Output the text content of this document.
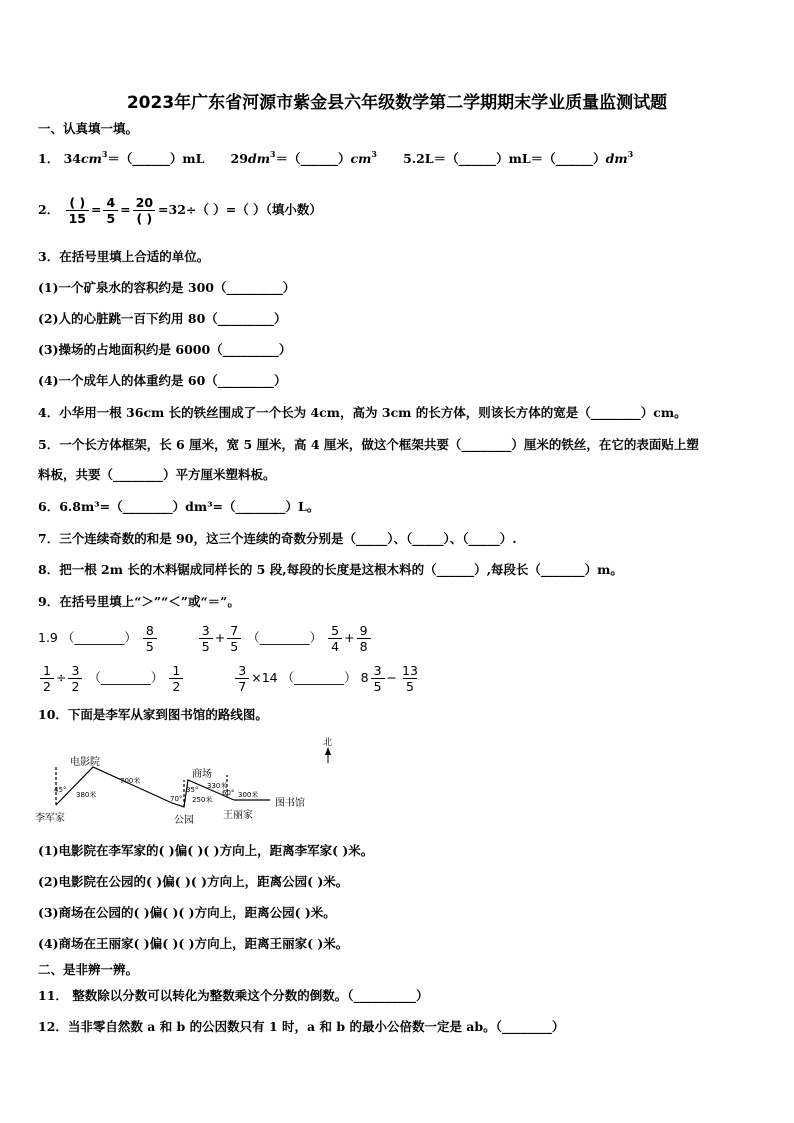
2023年广东省河源市紫金县六年级数学第二学期期末学业质量监测试题
一、认真填一填。
1． $34cm^3=(\_\_\_\_\_\_)mL$ $29dm^3=(\_\_\_\_\_\_)cm^3$ $5.2L=(\_\_\_\_\_\_)mL=(\_\_\_\_\_\_)dm^3$
2． $\frac{( )}{15} = \frac{4}{5} = \frac{20}{( )} =32\div$（ ）=（ ）（填小数）
3．在括号里填上合适的单位。
(1)一个矿泉水的容积约是 300（_________）
(2)人的心脏跳一百下约用 80（_________）
(3)操场的占地面积约是 6000（_________）
(4)一个成年人的体重约是 60（_________）
4．小华用一根 36cm 长的铁丝围成了一个长为 4cm，高为 3cm 的长方体，则该长方体的宽是（________）cm。
5．一个长方体框架，长 6 厘米，宽 5 厘米，高 4 厘米，做这个框架共要（________）厘米的铁丝，在它的表面贴上塑
料板，共要（________）平方厘米塑料板。
6．6.8m³=（________）dm³=（________）L。
7．三个连续奇数的和是 90，这三个连续的奇数分别是（_____）、（_____）、（_____）.
8．把一根 2m 长的木料锯成同样长的 5 段,每段的长度是这根木料的（______）,每段长（_______）m。
9．在括号里填上“＞”“＜”或“＝”。
1.9 （________） $\frac{8}{5}$
	$\frac{3}{5} + \frac{7}{5}$ （________） $\frac{5}{4} + \frac{9}{8}$
$\frac{1}{2} \div \frac{3}{2}$ （________） $\frac{1}{2}$
	$\frac{3}{7} \times 14$ （________） $8 \frac{3}{5} - \frac{13}{5}$
10．下面是李军从家到图书馆的路线图。
北
电影院
李军家	公园
商场
王丽家
图书馆
380米
700米
250米
330米
300米
45°
70°
35°	60°
(1)电影院在李军家的( )偏( )( )方向上，距离李军家( )米。
(2)电影院在公园的( )偏( )( )方向上，距离公园( )米。
(3)商场在公园的( )偏( )( )方向上，距离公园( )米。
(4)商场在王丽家( )偏( )( )方向上，距离王丽家( )米。
二、是非辨一辨。
11． 整数除以分数可以转化为整数乘这个分数的倒数。（__________）
12．当非零自然数 a 和 b 的公因数只有 1 时，a 和 b 的最小公倍数一定是 ab。（________）
